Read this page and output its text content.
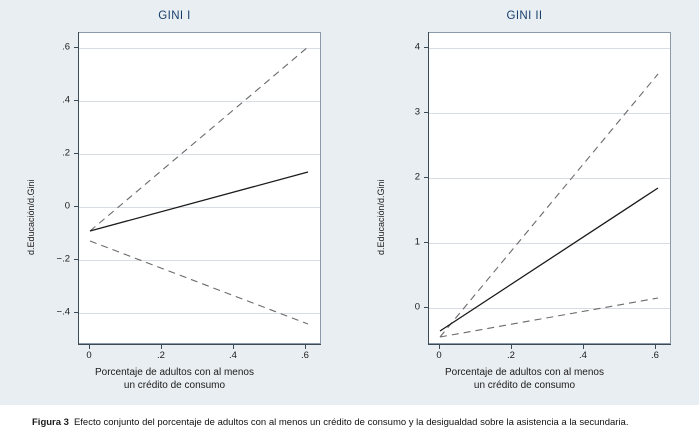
GINI I
.6
.4
.2
0
−.2
−.4
0	.2	.4	.6
d.Educación/d.Gini
Porcentaje de adultos con al menos
un crédito de consumo
GINI II
4
3
2
1
0
0	.2	.4	.6
d.Educación/d.Gini
Porcentaje de adultos con al menos
un crédito de consumo
Figura 3 Efecto conjunto del porcentaje de adultos con al menos un crédito de consumo y la desigualdad sobre la asistencia a la secundaria.
